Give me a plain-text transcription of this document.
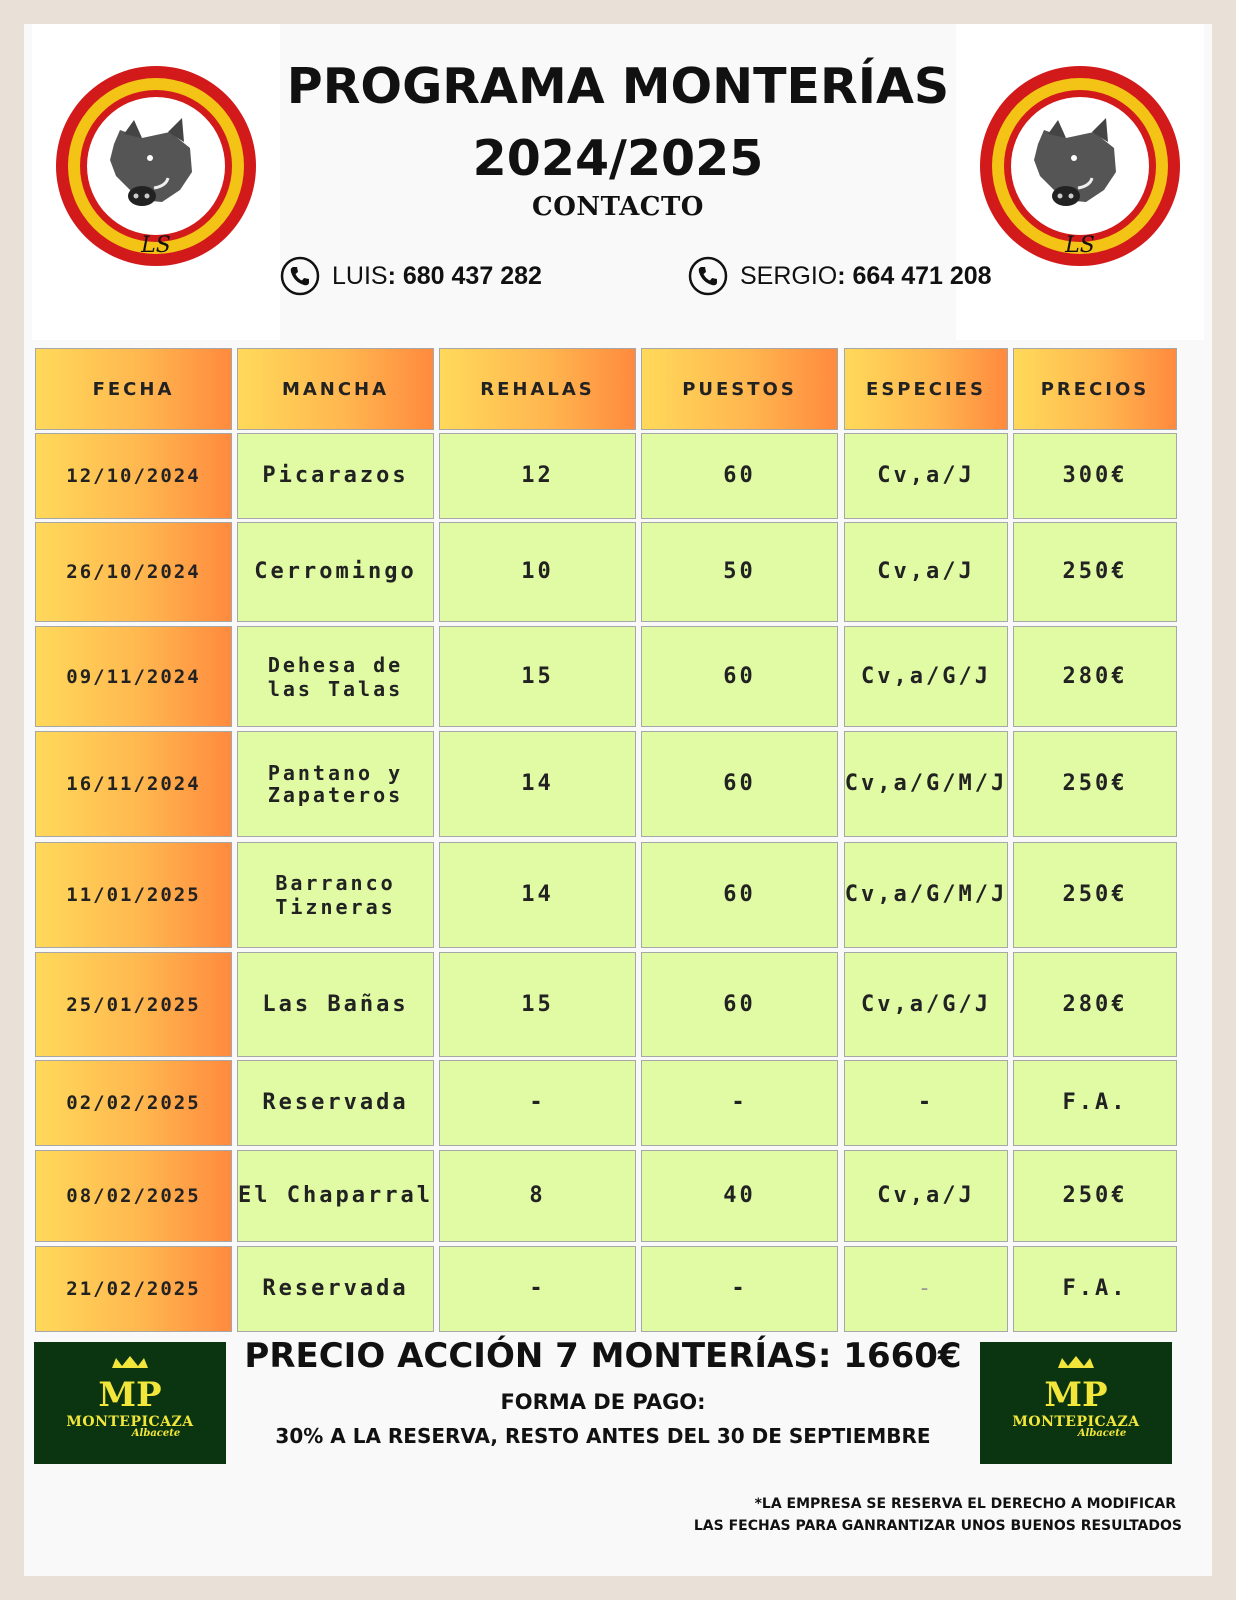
LS	LS
PROGRAMA MONTERÍAS
2024/2025
CONTACTO
LUIS :
680 437 282	SERGIO :
664 471 208
FECHA	MANCHA	REHALAS	PUESTOS	ESPECIES	PRECIOS
12/10/2024	Picarazos	12	60	Cv,a/J	300€
26/10/2024	Cerromingo	10	50	Cv,a/J	250€
09/11/2024	Dehesa de las Talas	15	60	Cv,a/G/J	280€
16/11/2024	Pantano y Zapateros	14	60	Cv,a/G/M/J	250€
11/01/2025	Barranco Tizneras	14	60	Cv,a/G/M/J	250€
25/01/2025	Las Bañas	15	60	Cv,a/G/J	280€
02/02/2025	Reservada	-	-	-	F.A.
08/02/2025	El Chaparral	8	40	Cv,a/J	250€
21/02/2025	Reservada	-	-	-	F.A.
MP
MONTEPICAZA
Albacete
MP
MONTEPICAZA
Albacete
PRECIO ACCIÓN 7 MONTERÍAS: 1660€
FORMA DE PAGO:
30% A LA RESERVA, RESTO ANTES DEL 30 DE SEPTIEMBRE
*LA EMPRESA SE RESERVA EL DERECHO A MODIFICAR
LAS FECHAS PARA GANRANTIZAR UNOS BUENOS RESULTADOS
